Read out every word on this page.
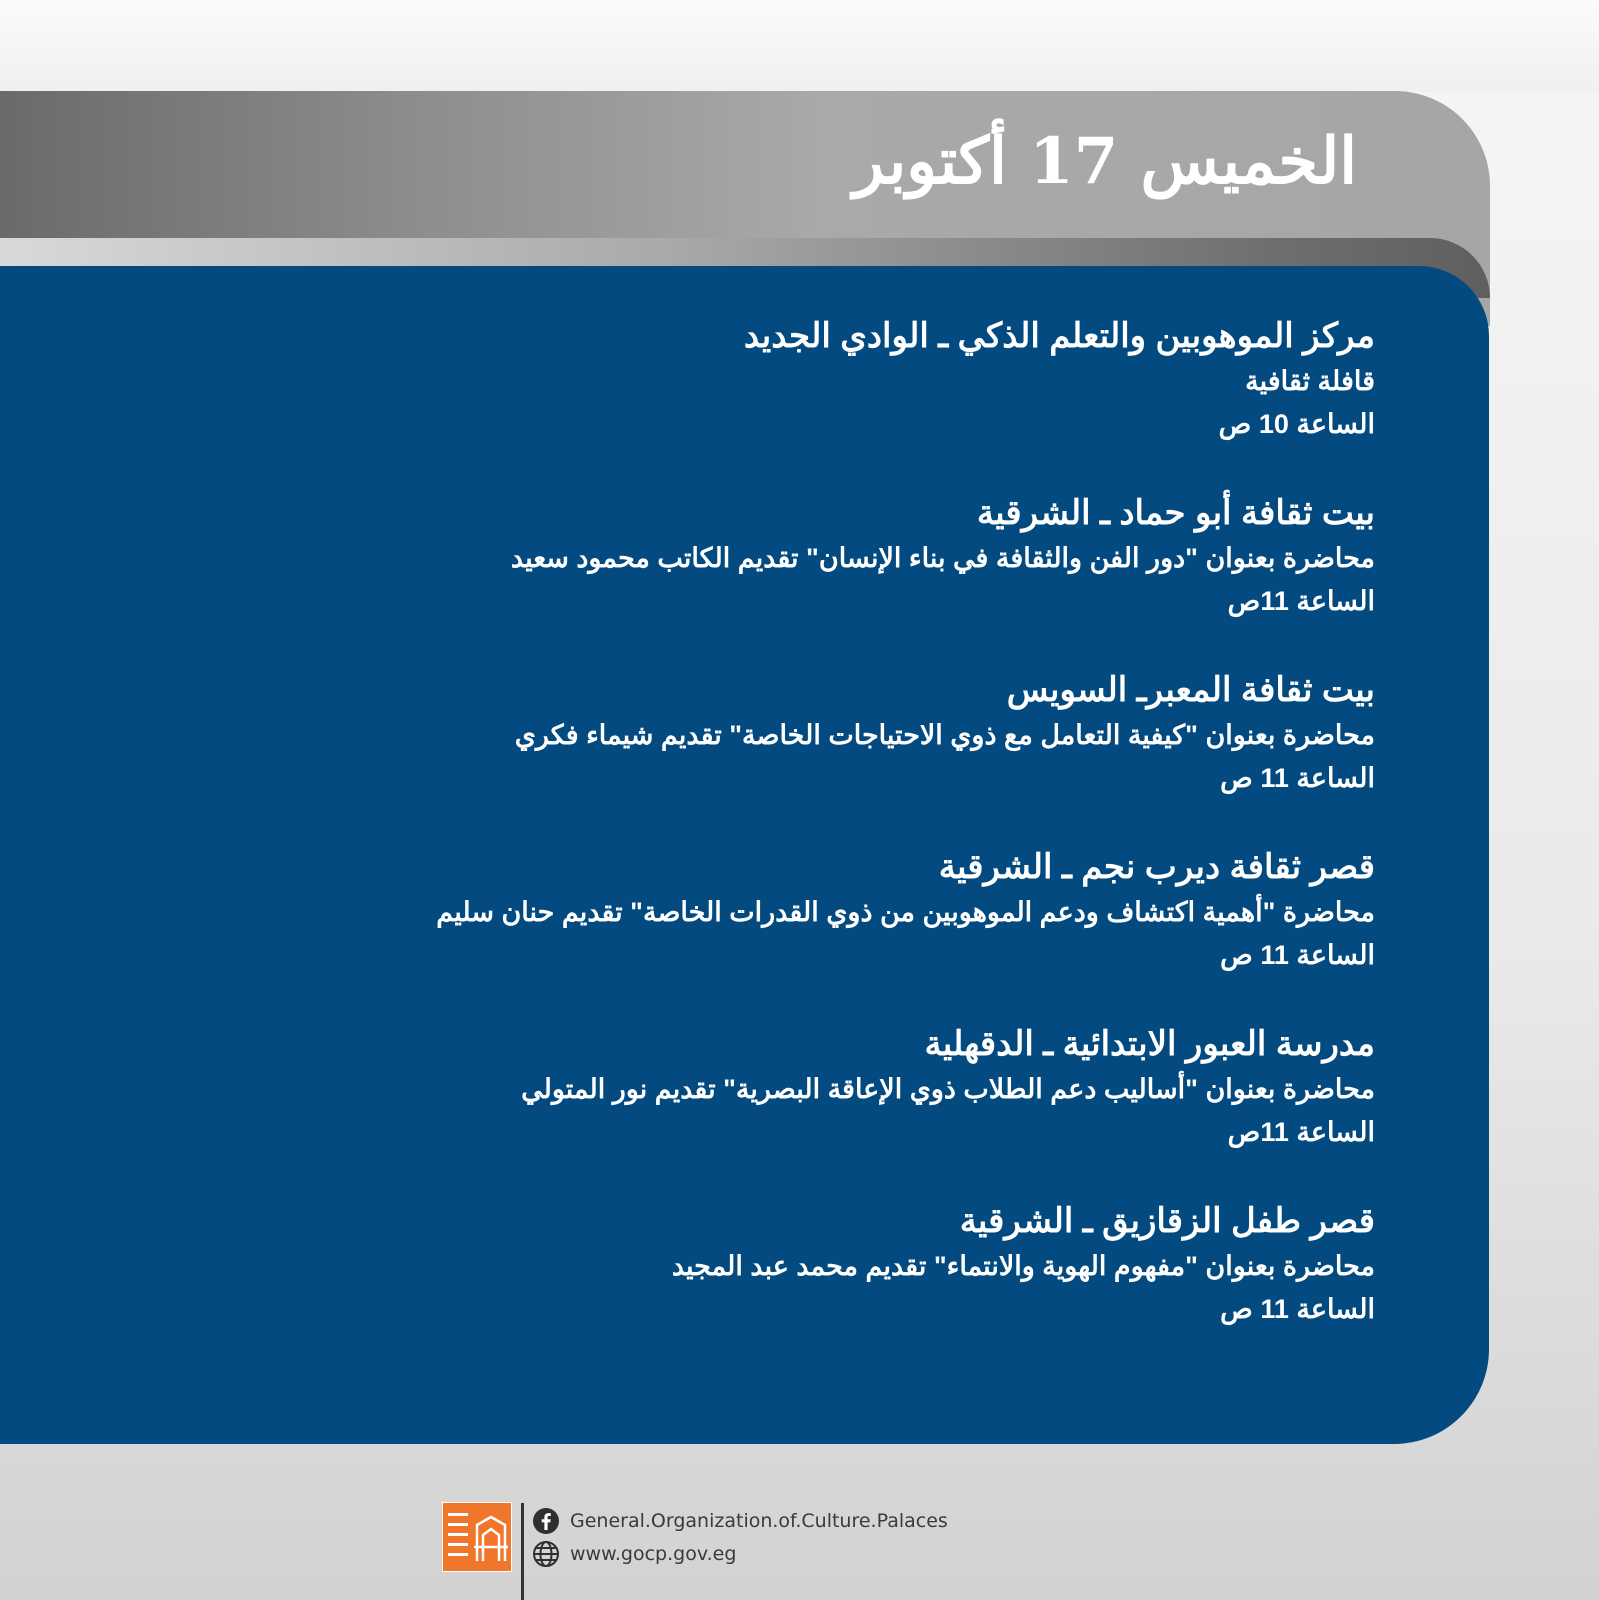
الخميس 17 أكتوبر
مركز الموهوبين والتعلم الذكي ـ الوادي الجديد
قافلة ثقافية
الساعة 10 ص
بيت ثقافة أبو حماد ـ الشرقية
محاضرة بعنوان "دور الفن والثقافة في بناء الإنسان" تقديم الكاتب محمود سعيد
الساعة 11ص
بيت ثقافة المعبرـ السويس
محاضرة بعنوان "كيفية التعامل مع ذوي الاحتياجات الخاصة" تقديم شيماء فكري
الساعة 11 ص
قصر ثقافة ديرب نجم ـ الشرقية
محاضرة "أهمية اكتشاف ودعم الموهوبين من ذوي القدرات الخاصة" تقديم حنان سليم
الساعة 11 ص
مدرسة العبور الابتدائية ـ الدقهلية
محاضرة بعنوان "أساليب دعم الطلاب ذوي الإعاقة البصرية" تقديم نور المتولي
الساعة 11ص
قصر طفل الزقازيق ـ الشرقية
محاضرة بعنوان "مفهوم الهوية والانتماء" تقديم محمد عبد المجيد
الساعة 11 ص
General.Organization.of.Culture.Palaces
www.gocp.gov.eg
